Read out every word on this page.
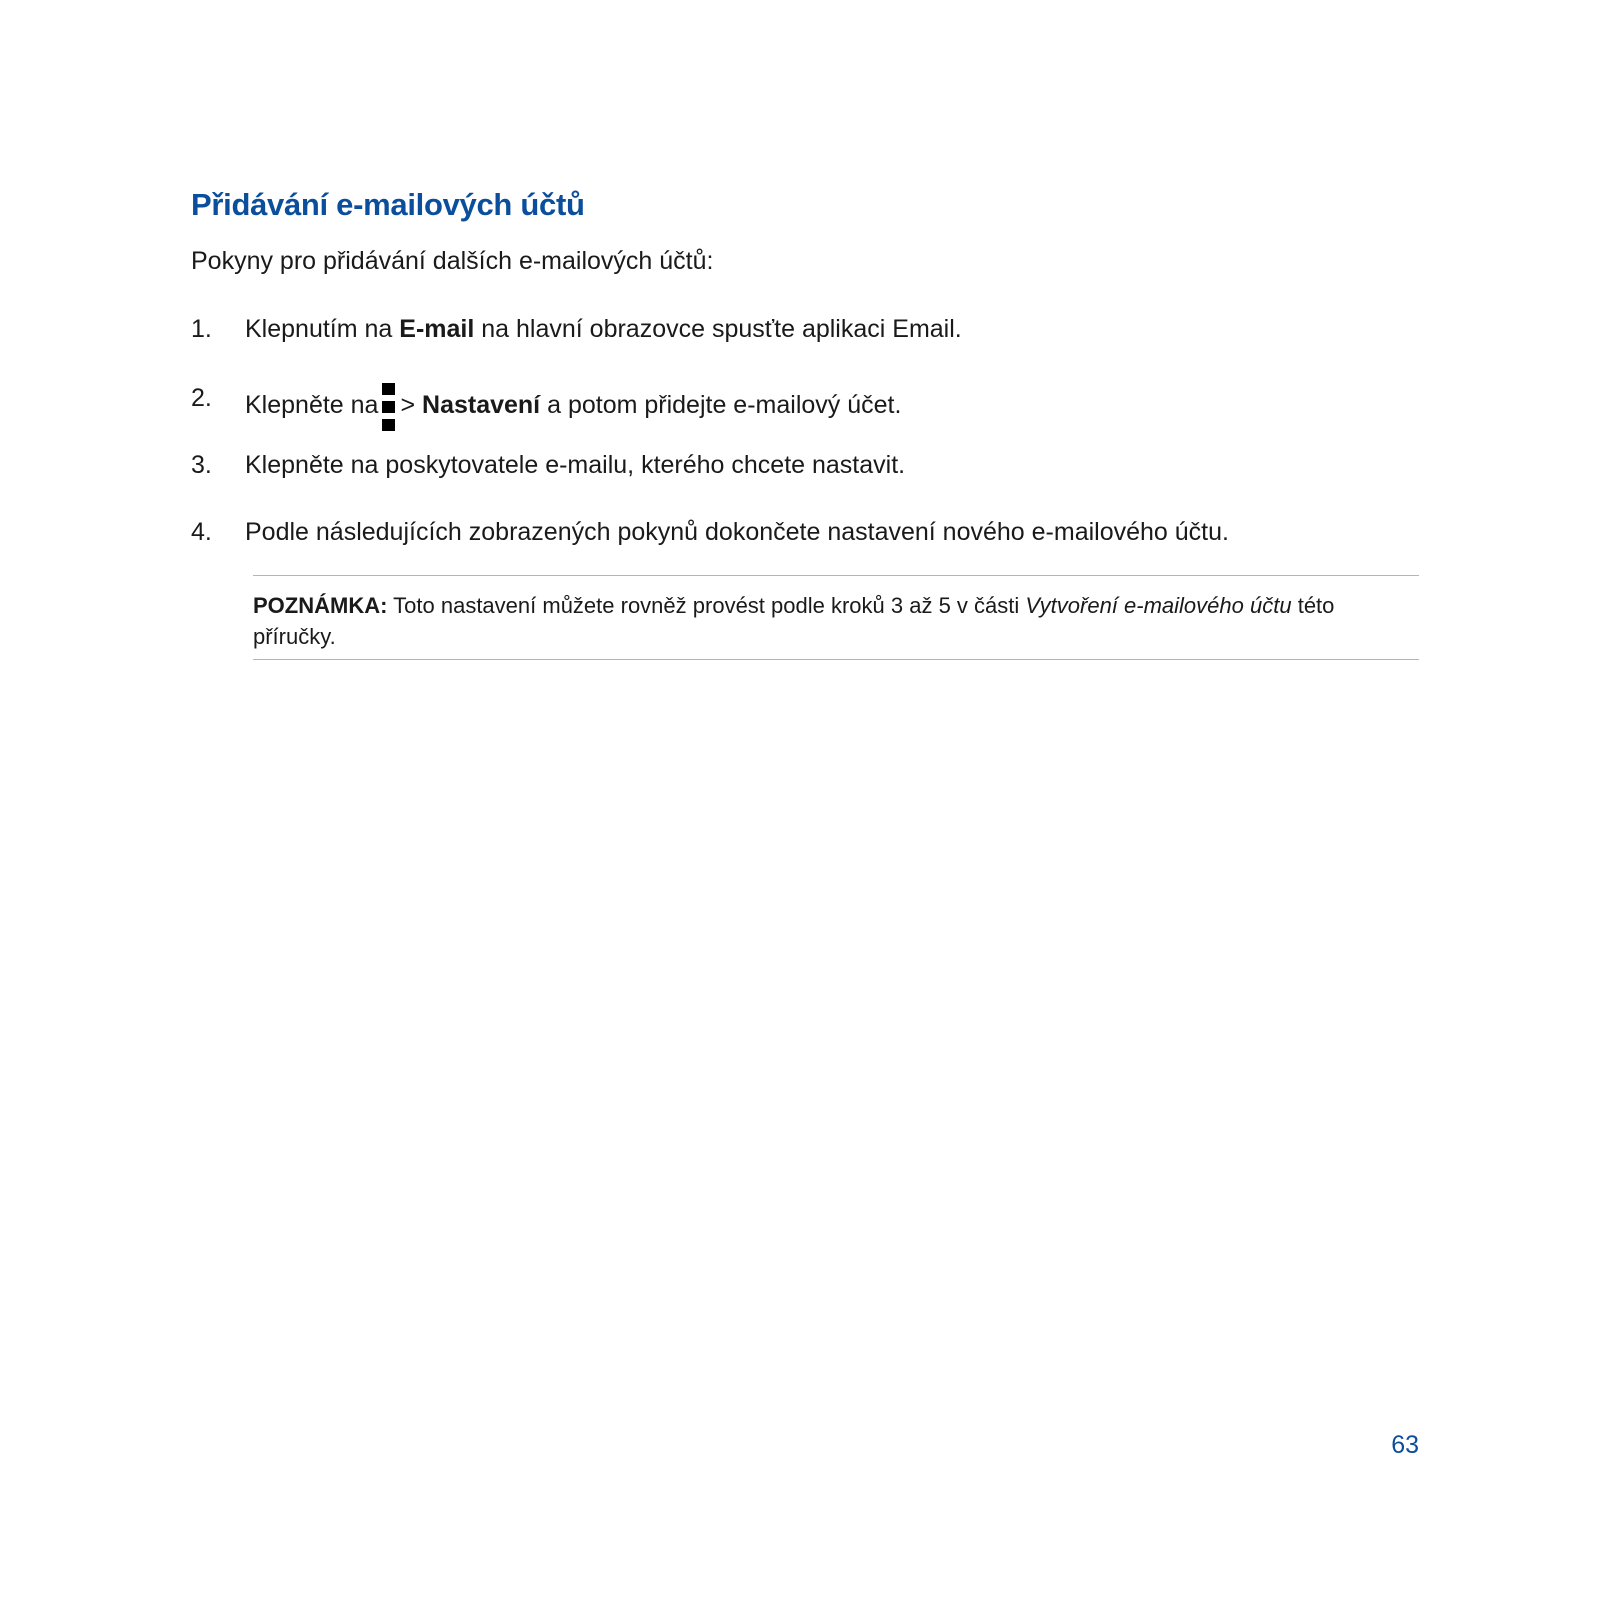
Přidávání e-mailových účtů

Pokyny pro přidávání dalších e-mailových účtů:

1. Klepnutím na E-mail na hlavní obrazovce spusťte aplikaci Email.
2. Klepněte na > Nastavení a potom přidejte e-mailový účet.
3. Klepněte na poskytovatele e-mailu, kterého chcete nastavit.
4. Podle následujících zobrazených pokynů dokončete nastavení nového e-mailového účtu.

POZNÁMKA: Toto nastavení můžete rovněž provést podle kroků 3 až 5 v části Vytvoření e-mailového účtu této příručky.

63
